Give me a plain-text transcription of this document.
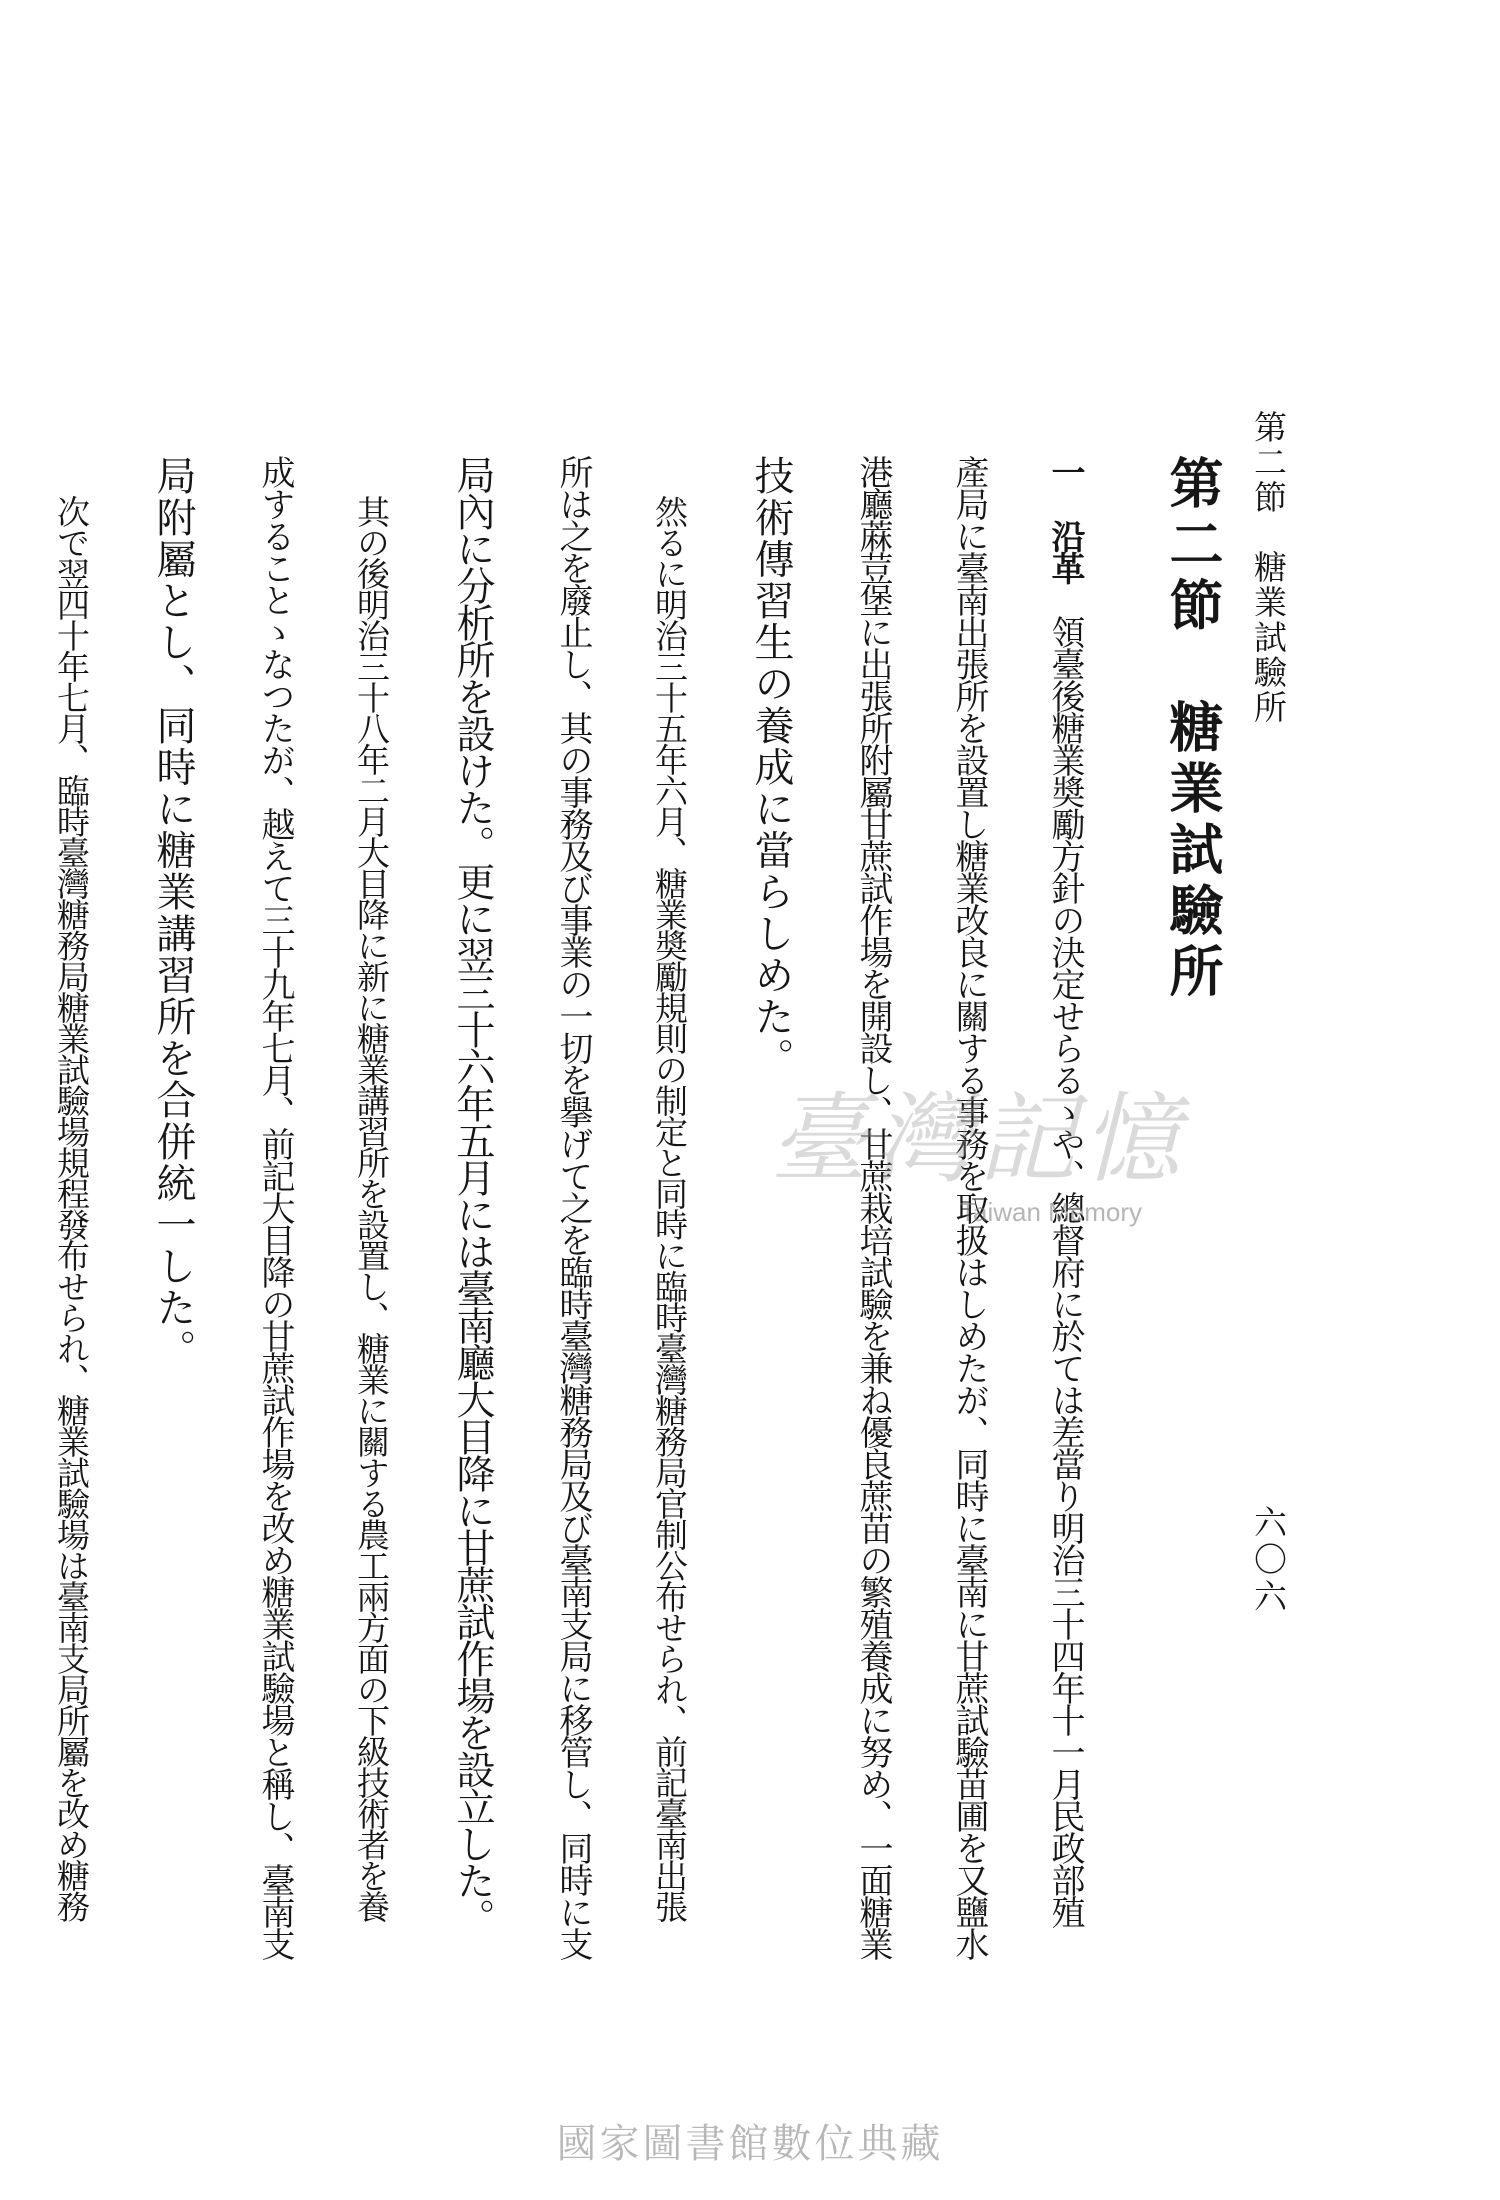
第二節　糖業試驗所
六〇六
第二節　糖業試驗所

一　沿革　領臺後糖業奬勵方針の決定せらるゝや、總督府に於ては差當り明治三十四年十一月民政部殖

產局に臺南出張所を設置し糖業改良に關する事務を取扱はしめたが、同時に臺南に甘蔗試驗苗圃を又鹽水

港廳蔴荳堡に出張所附屬甘蔗試作場を開設し、甘蔗栽培試驗を兼ね優良蔗苗の繁殖養成に努め、一面糖業

技術傳習生の養成に當らしめた。

然るに明治三十五年六月、糖業奬勵規則の制定と同時に臨時臺灣糖務局官制公布せられ、前記臺南出張

所は之を廢止し、其の事務及び事業の一切を擧げて之を臨時臺灣糖務局及び臺南支局に移管し、同時に支

局內に分析所を設けた。更に翌三十六年五月には臺南廳大目降に甘蔗試作場を設立した。

其の後明治三十八年二月大目降に新に糖業講習所を設置し、糖業に關する農工兩方面の下級技術者を養

成することゝなつたが、越えて三十九年七月、前記大目降の甘蔗試作場を改め糖業試驗場と稱し、臺南支

局附屬とし、同時に糖業講習所を合併統一した。

次で翌四十年七月、臨時臺灣糖務局糖業試驗場規程發布せられ、糖業試驗場は臺南支局所屬を改め糖務	臺灣記憶
Taiwan Memory
國家圖書館數位典藏
